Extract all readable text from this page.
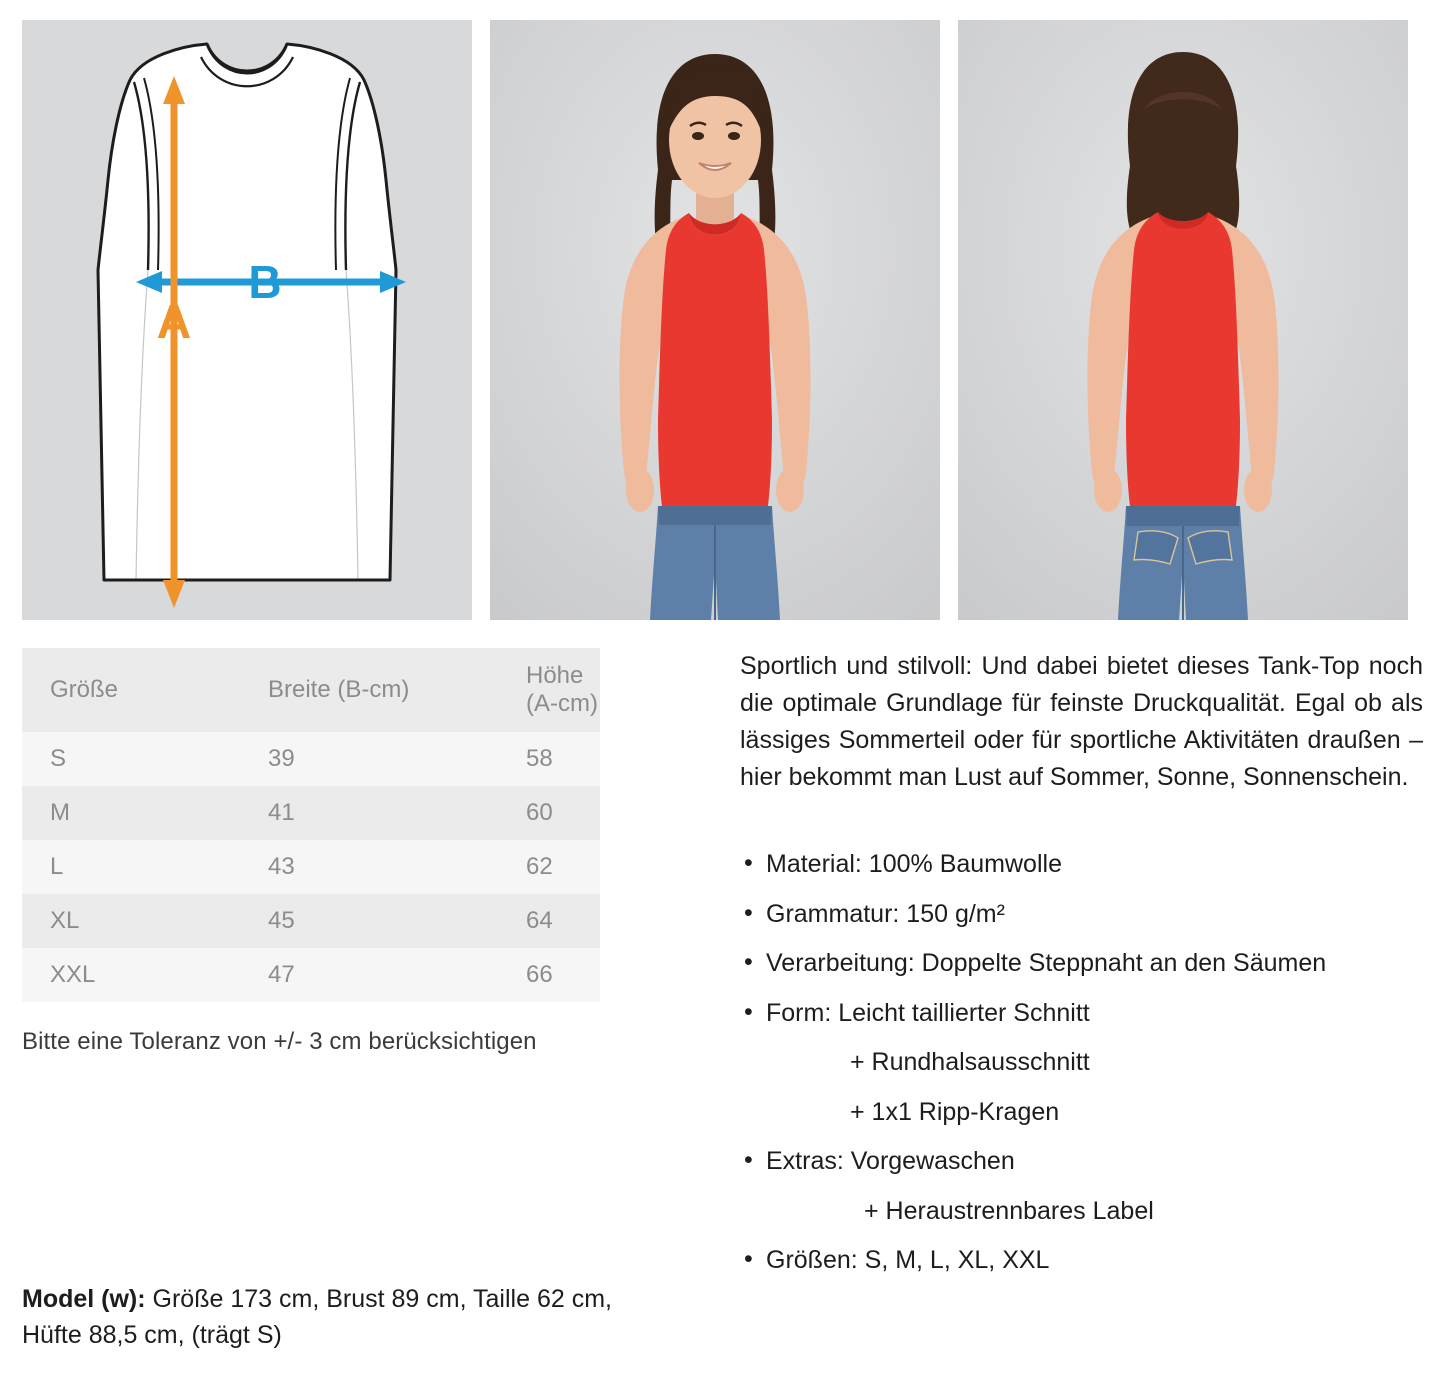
B
A
Größe	Breite (B-cm)	Höhe (A-cm)
S	39	58
M	41	60
L	43	62
XL	45	64
XXL	47	66
Bitte eine Toleranz von +/- 3 cm berücksichtigen

Sportlich und stilvoll: Und dabei bietet dieses Tank-Top noch die optimale Grundlage für feinste Druckqualität. Egal ob als lässiges Sommerteil oder für sportliche Aktivitäten draußen – hier bekommt man Lust auf Sommer, Sonne, Sonnenschein.

• Material: 100% Baumwolle
• Grammatur: 150 g/m²
• Verarbeitung: Doppelte Steppnaht an den Säumen
• Form: Leicht taillierter Schnitt
+ Rundhalsausschnitt
+ 1x1 Ripp-Kragen
• Extras: Vorgewaschen
+ Heraustrennbares Label
• Größen: S, M, L, XL, XXL
Model (w): Größe 173 cm, Brust 89 cm, Taille 62 cm,
Hüfte 88,5 cm, (trägt S)
